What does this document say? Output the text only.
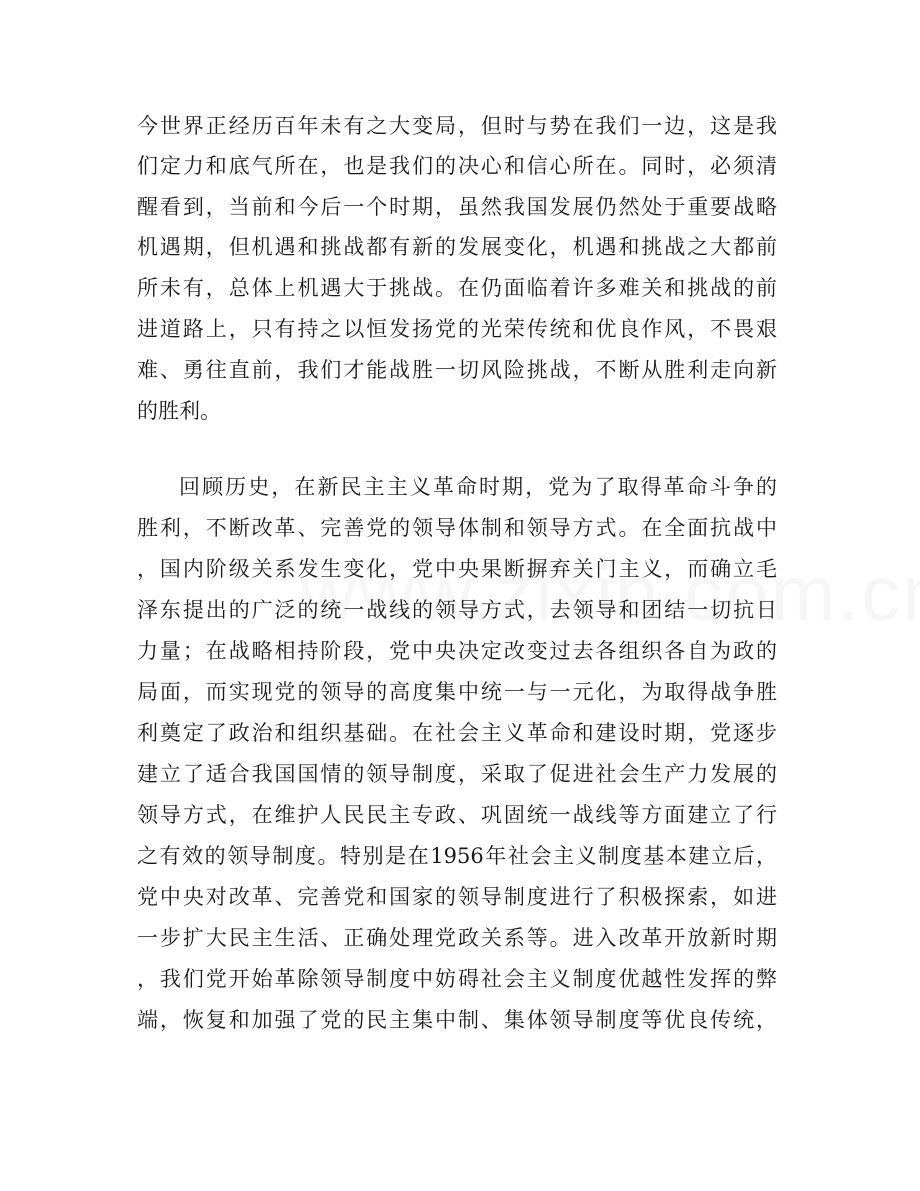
今世界正经历百年未有之大变局，但时与势在我们一边，这是我
们定力和底气所在，也是我们的决心和信心所在。同时，必须清
醒看到，当前和今后一个时期，虽然我国发展仍然处于重要战略
机遇期，但机遇和挑战都有新的发展变化，机遇和挑战之大都前
所未有，总体上机遇大于挑战。在仍面临着许多难关和挑战的前
进道路上，只有持之以恒发扬党的光荣传统和优良作风，不畏艰
难、勇往直前，我们才能战胜一切风险挑战，不断从胜利走向新
的胜利。
回顾历史，在新民主主义革命时期，党为了取得革命斗争的
胜利，不断改革、完善党的领导体制和领导方式。在全面抗战中
，国内阶级关系发生变化，党中央果断摒弃关门主义，而确立毛
泽东提出的广泛的统一战线的领导方式，去领导和团结一切抗日
力量；在战略相持阶段，党中央决定改变过去各组织各自为政的
局面，而实现党的领导的高度集中统一与一元化，为取得战争胜
利奠定了政治和组织基础。在社会主义革命和建设时期，党逐步
建立了适合我国国情的领导制度，采取了促进社会生产力发展的
领导方式，在维护人民民主专政、巩固统一战线等方面建立了行
之有效的领导制度。特别是在1956年社会主义制度基本建立后，
党中央对改革、完善党和国家的领导制度进行了积极探索，如进
一步扩大民主生活、正确处理党政关系等。进入改革开放新时期
，我们党开始革除领导制度中妨碍社会主义制度优越性发挥的弊
端，恢复和加强了党的民主集中制、集体领导制度等优良传统，
